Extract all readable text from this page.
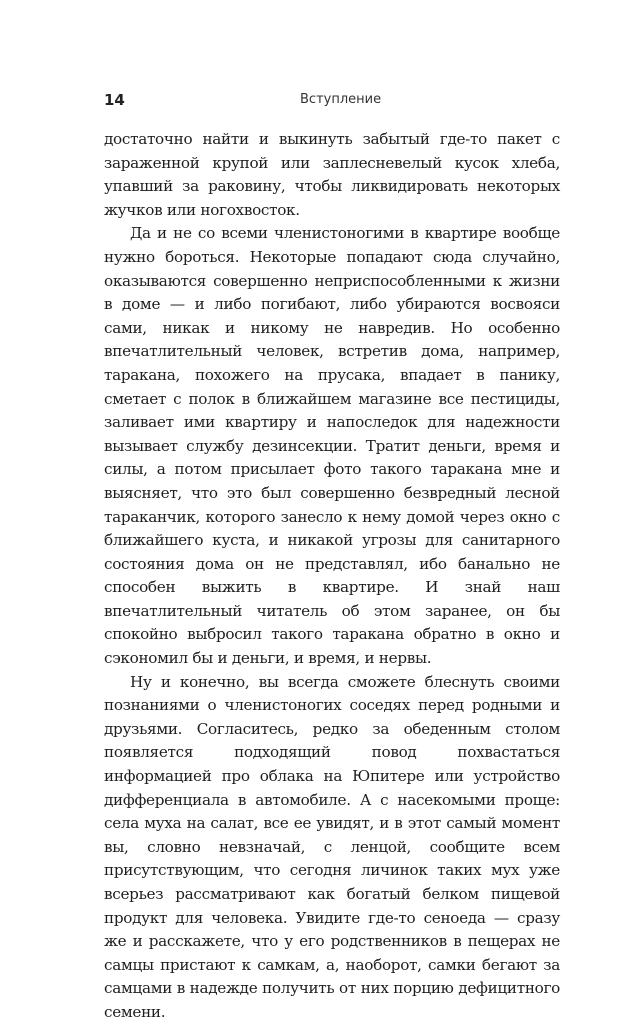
14	Вступление

достаточно найти и выкинуть забытый где-то пакет с зараженной крупой или заплесневелый кусок хлеба, упавший за раковину, чтобы ликвидировать некоторых жучков или ногохвосток.

Да и не со всеми членистоногими в квартире вообще нужно бороться. Некоторые попадают сюда случайно, оказываются совершенно неприспособленными к жизни в доме — и либо погибают, либо убираются восвояси сами, никак и никому не навредив. Но особенно впечатлительный человек, встретив дома, например, таракана, похожего на прусака, впадает в панику, сметает с полок в ближайшем магазине все пестициды, заливает ими квартиру и напоследок для надежности вызывает службу дезинсекции. Тратит деньги, время и силы, а потом присылает фото такого таракана мне и выясняет, что это был совершенно безвредный лесной тараканчик, которого занесло к нему домой через окно с ближайшего куста, и никакой угрозы для санитарного состояния дома он не представлял, ибо банально не способен выжить в квартире. И знай наш впечатлительный читатель об этом заранее, он бы спокойно выбросил такого таракана обратно в окно и сэкономил бы и деньги, и время, и нервы.

Ну и конечно, вы всегда сможете блеснуть своими познаниями о членистоногих соседях перед родными и друзьями. Согласитесь, редко за обеденным столом появляется подходящий повод похвастаться информацией про облака на Юпитере или устройство дифференциала в автомобиле. А с насекомыми проще: села муха на салат, все ее увидят, и в этот самый момент вы, словно невзначай, с ленцой, сообщите всем присутствующим, что сегодня личинок таких мух уже всерьез рассматривают как богатый белком пищевой продукт для человека. Увидите где-то сеноеда — сразу же и расскажете, что у его родственников в пещерах не самцы пристают к самкам, а, наоборот, самки бегают за самцами в надежде получить от них порцию дефицитного семени.
